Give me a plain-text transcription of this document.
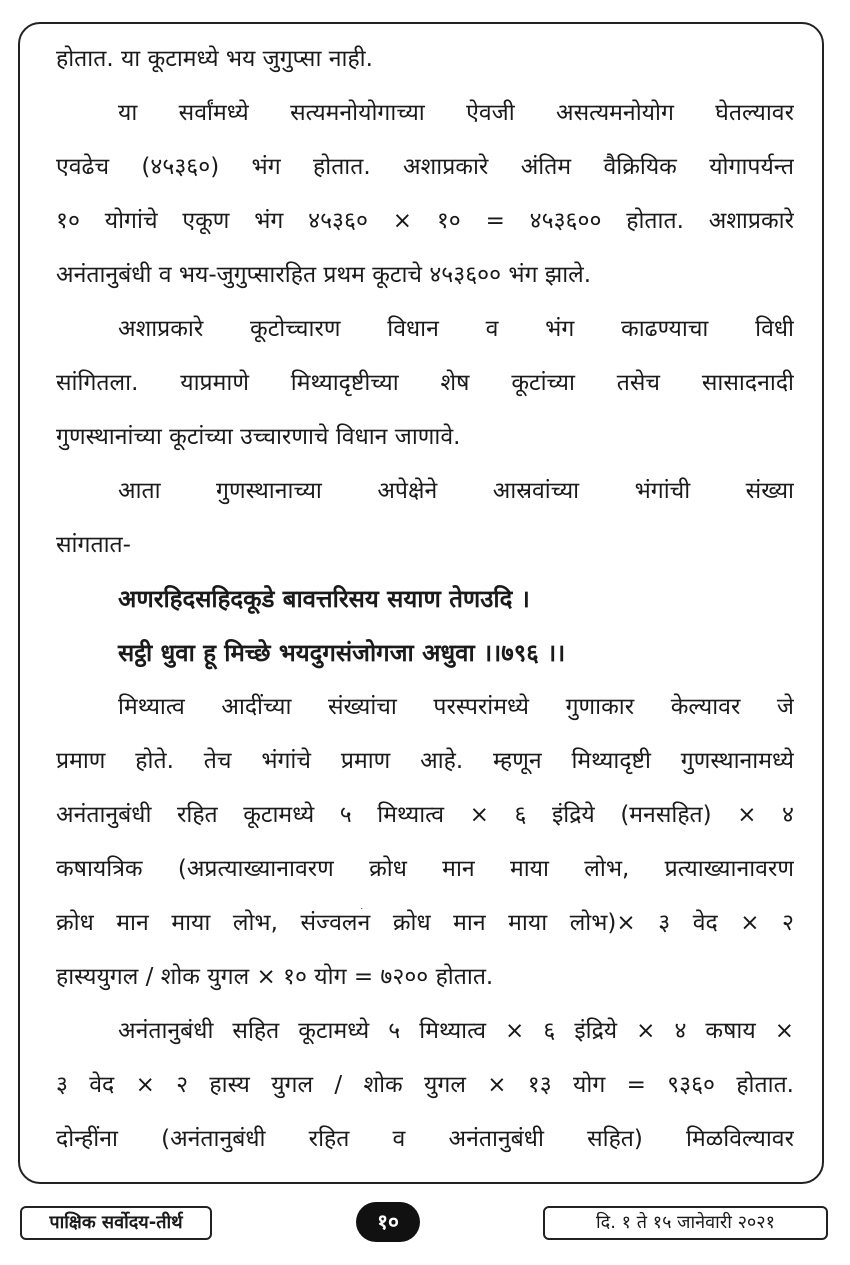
होतात. या कूटामध्ये भय जुगुप्सा नाही.
या सर्वांमध्ये सत्यमनोयोगाच्या ऐवजी असत्यमनोयोग घेतल्यावर
एवढेच (४५३६०) भंग होतात. अशाप्रकारे अंतिम वैक्रियिक योगापर्यन्त
१० योगांचे एकूण भंग ४५३६० × १० = ४५३६०० होतात. अशाप्रकारे
अनंतानुबंधी व भय-जुगुप्सारहित प्रथम कूटाचे ४५३६०० भंग झाले.
अशाप्रकारे कूटोच्चारण विधान व भंग काढण्याचा विधी
सांगितला. याप्रमाणे मिथ्यादृष्टीच्या शेष कूटांच्या तसेच सासादनादी
गुणस्थानांच्या कूटांच्या उच्चारणाचे विधान जाणावे.
आता गुणस्थानाच्या अपेक्षेने आस्रवांच्या भंगांची संख्या
सांगतात-
अणरहिदसहिदकूडे बावत्तरिसय सयाण तेणउदि ।
सट्ठी धुवा हू मिच्छे भयदुगसंजोगजा अधुवा ।।७९६ ।।
मिथ्यात्व आदींच्या संख्यांचा परस्परांमध्ये गुणाकार केल्यावर जे
प्रमाण होते. तेच भंगांचे प्रमाण आहे. म्हणून मिथ्यादृष्टी गुणस्थानामध्ये
अनंतानुबंधी रहित कूटामध्ये ५ मिथ्यात्व × ६ इंद्रिये (मनसहित) × ४
कषायत्रिक (अप्रत्याख्यानावरण क्रोध मान माया लोभ, प्रत्याख्यानावरण
क्रोध मान माया लोभ, संज्वलन क्रोध मान माया लोभ)× ३ वेद × २
हास्ययुगल / शोक युगल × १० योग = ७२०० होतात.
अनंतानुबंधी सहित कूटामध्ये ५ मिथ्यात्व × ६ इंद्रिये × ४ कषाय ×
३ वेद × २ हास्य युगल / शोक युगल × १३ योग = ९३६० होतात.
दोन्हींना (अनंतानुबंधी रहित व अनंतानुबंधी सहित) मिळविल्यावर
पाक्षिक सर्वोदय-तीर्थ	१०	दि. १ ते १५ जानेवारी २०२१
